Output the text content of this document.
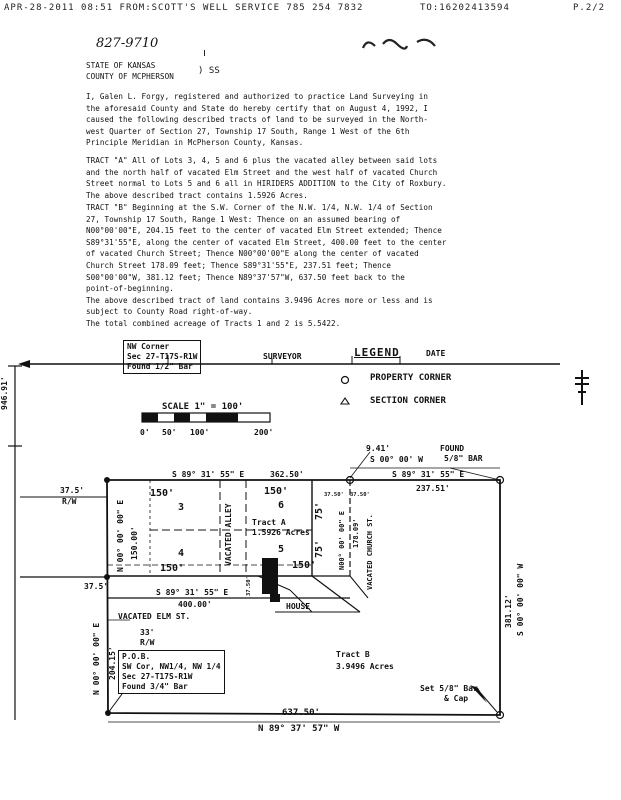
APR-28-2011 08:51 FROM:SCOTT'S WELL SERVICE 785 254 7832	TO:16202413594	P.2/2
827-9710
STATE OF KANSAS
COUNTY OF MCPHERSON
) SS
I, Galen L. Forgy, registered and authorized to practice Land Surveying in
the aforesaid County and State do hereby certify that on August 4, 1992, I
caused the following described tracts of land to be surveyed in the North-
west Quarter of Section 27, Township 17 South, Range 1 West of the 6th
Principle Meridian in McPherson County, Kansas.
TRACT "A" All of Lots 3, 4, 5 and 6 plus the vacated alley between said lots
and the north half of vacated Elm Street and the west half of vacated Church
Street normal to Lots 5 and 6 all in HIRIDERS ADDITION to the City of Roxbury.
The above described tract contains 1.5926 Acres.
TRACT "B" Beginning at the S.W. Corner of the N.W. 1/4, N.W. 1/4 of Section
27, Township 17 South, Range 1 West: Thence on an assumed bearing of
N00°00'00"E, 204.15 feet to the center of vacated Elm Street extended; Thence
S89°31'55"E, along the center of vacated Elm Street, 400.00 feet to the center
of vacated Church Street; Thence N00°00'00"E along the center of vacated
Church Street 178.09 feet; Thence S89°31'55"E, 237.51 feet; Thence
S00°00'00"W, 381.12 feet; Thence N89°37'57"W, 637.50 feet back to the
point-of-beginning.
The above described tract of land contains 3.9496 Acres more or less and is
subject to County Road right-of-way.
The total combined acreage of Tracts 1 and 2 is 5.5422.
NW Corner
Sec 27-T17S-R1W
Found 1/2" Bar
SURVEYOR	LEGEND	DATE
PROPERTY CORNER
SECTION CORNER
SCALE 1" = 100'
0' 50' 100'	200'
946.91'
S 89° 31' 55" E	362.50'	S 89° 31' 55" E
237.51'
9.41'	FOUND
5/8" BAR
S 00° 00' W
S 00° 00' 00" W
381.12'
N 00° 00' 00" E 150.00'
N 00° 00' 00" E 204.15'
37.5'
R/W
37.5'
33'
R/W
150'	150'
150'	150'
75'
75'
3
4	5
6
VACATED ALLEY Tract A
1.5926 Acres	VACATED CHURCH ST.
N00° 00' 00" E 178.09'
37.50' 37.50'
37.50'
S 89° 31' 55" E
400.00'
VACATED ELM ST.
HOUSE
Tract B
3.9496 Acres
Set 5/8" Bar
& Cap
637.50'
N 89° 37' 57" W
P.O.B.
SW Cor, NW1/4, NW 1/4
Sec 27-T17S-R1W
Found 3/4" Bar
